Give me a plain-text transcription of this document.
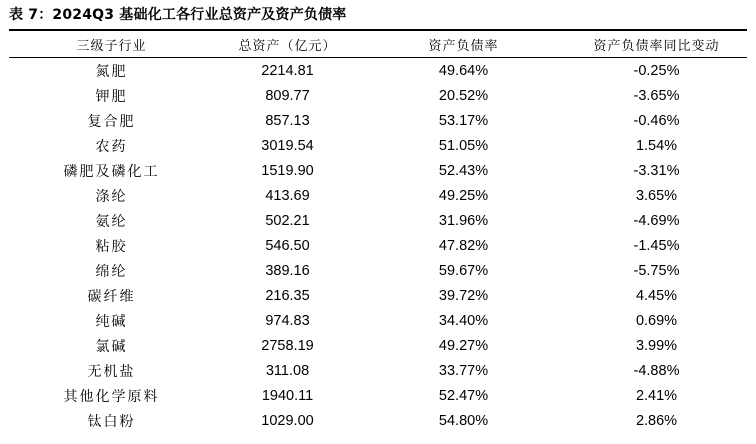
表 7：2024Q3 基础化工各行业总资产及资产负债率
三级子行业	总资产（亿元）	资产负债率	资产负债率同比变动
氮肥	2214.81	49.64%	-0.25%
钾肥	809.77	20.52%	-3.65%
复合肥	857.13	53.17%	-0.46%
农药	3019.54	51.05%	1.54%
磷肥及磷化工	1519.90	52.43%	-3.31%
涤纶	413.69	49.25%	3.65%
氨纶	502.21	31.96%	-4.69%
粘胶	546.50	47.82%	-1.45%
绵纶	389.16	59.67%	-5.75%
碳纤维	216.35	39.72%	4.45%
纯碱	974.83	34.40%	0.69%
氯碱	2758.19	49.27%	3.99%
无机盐	311.08	33.77%	-4.88%
其他化学原料	1940.11	52.47%	2.41%
钛白粉	1029.00	54.80%	2.86%
